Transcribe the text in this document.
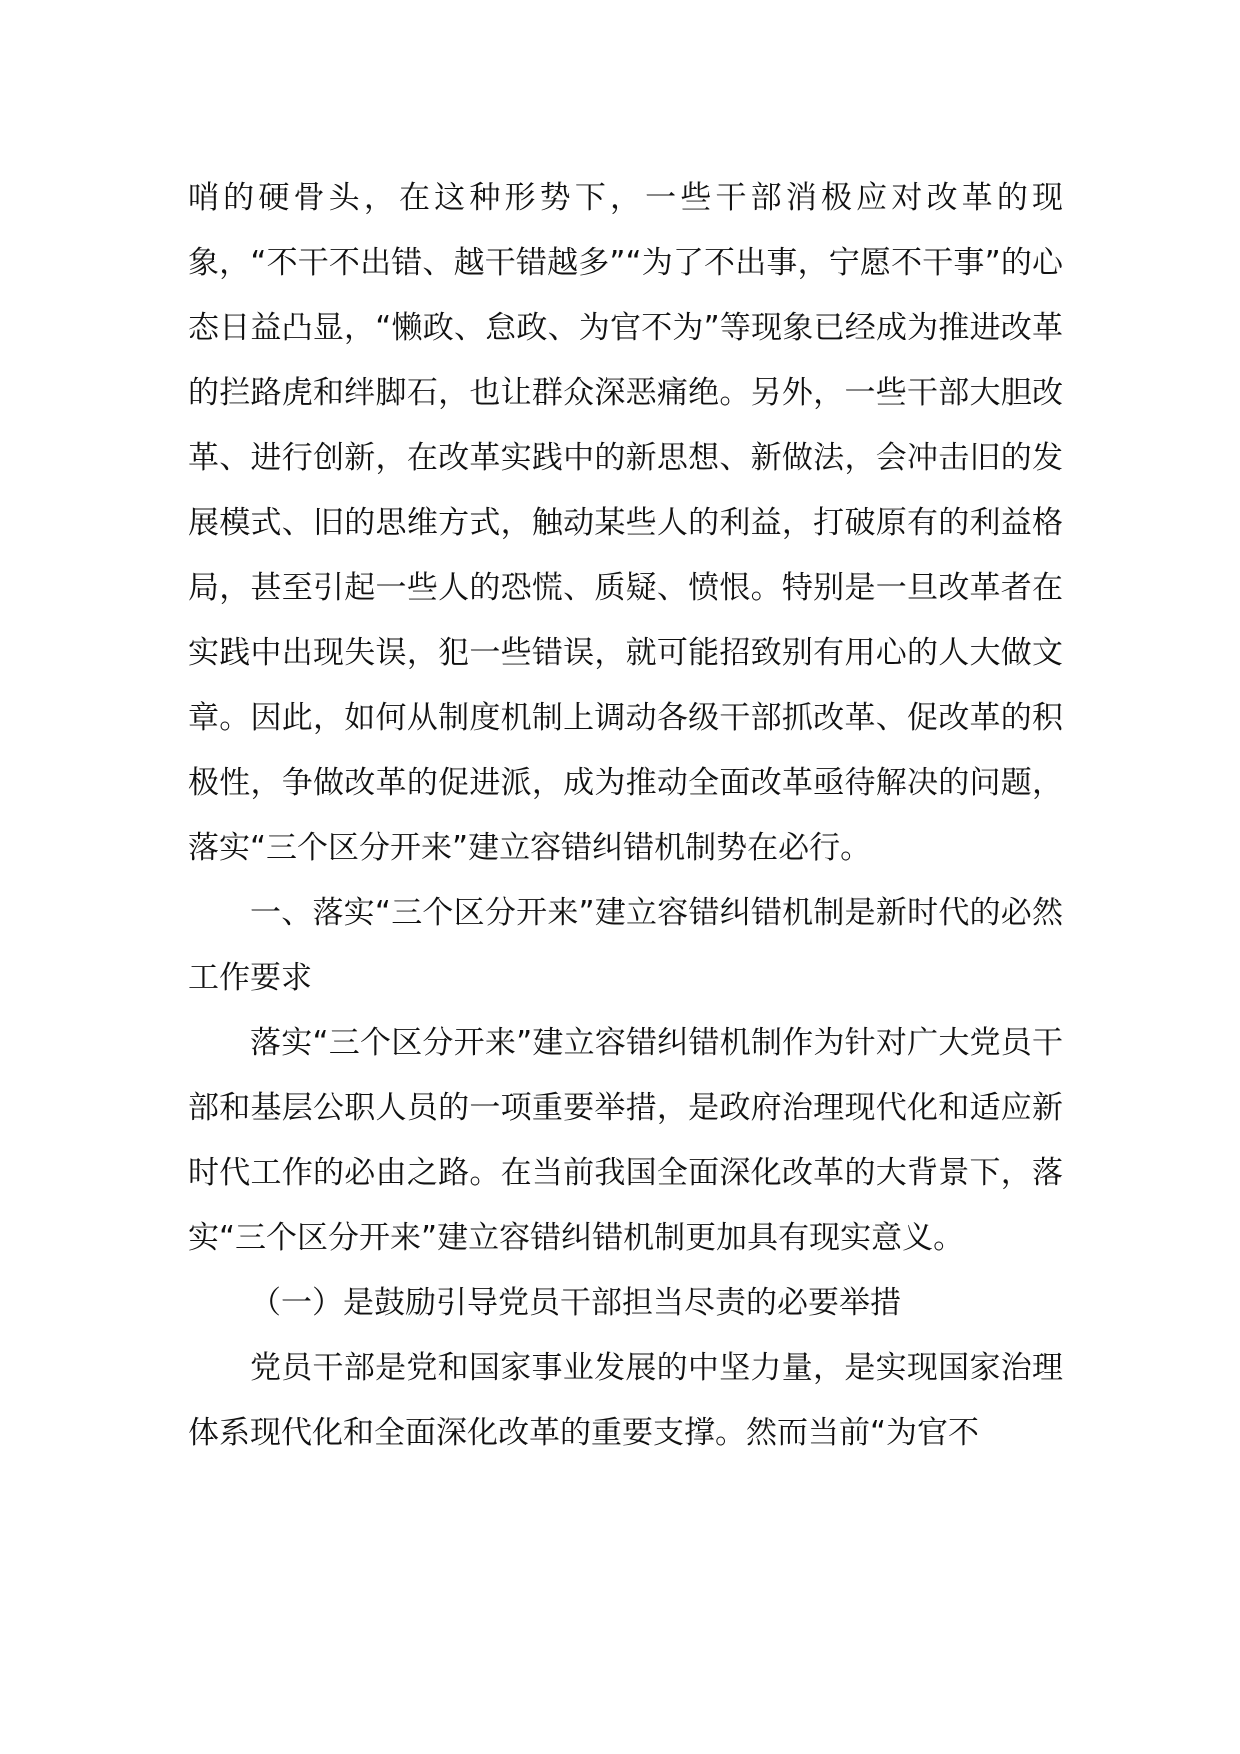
哨的硬骨头，在这种形势下，一些干部消极应对改革的现象，“不干不出错、越干错越多”“为了不出事，宁愿不干事”的心态日益凸显，“懒政、怠政、为官不为”等现象已经成为推进改革的拦路虎和绊脚石，也让群众深恶痛绝。另外，一些干部大胆改革、进行创新，在改革实践中的新思想、新做法，会冲击旧的发展模式、旧的思维方式，触动某些人的利益，打破原有的利益格局，甚至引起一些人的恐慌、质疑、愤恨。特别是一旦改革者在实践中出现失误，犯一些错误，就可能招致别有用心的人大做文章。因此，如何从制度机制上调动各级干部抓改革、促改革的积极性，争做改革的促进派，成为推动全面改革亟待解决的问题，落实“三个区分开来”建立容错纠错机制势在必行。

一、落实“三个区分开来”建立容错纠错机制是新时代的必然工作要求

落实“三个区分开来”建立容错纠错机制作为针对广大党员干部和基层公职人员的一项重要举措，是政府治理现代化和适应新时代工作的必由之路。在当前我国全面深化改革的大背景下，落实“三个区分开来”建立容错纠错机制更加具有现实意义。

（一）是鼓励引导党员干部担当尽责的必要举措

党员干部是党和国家事业发展的中坚力量，是实现国家治理体系现代化和全面深化改革的重要支撑。然而当前“为官不
